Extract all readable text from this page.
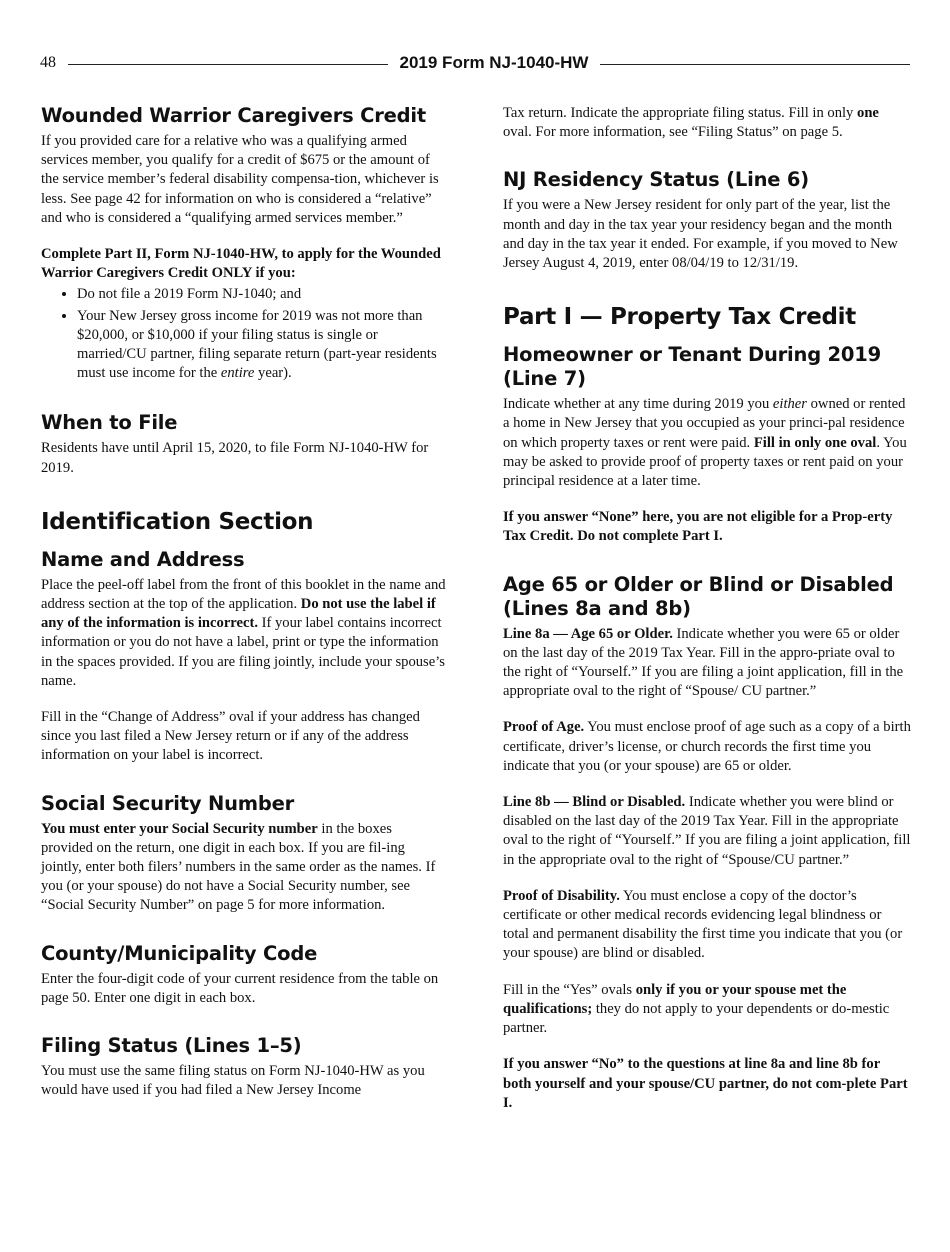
48	2019 Form NJ-1040-HW
Wounded Warrior Caregivers Credit

If you provided care for a relative who was a qualifying armed services member, you qualify for a credit of $675 or the amount of the service member’s federal disability compensa-tion, whichever is less. See page 42 for information on who is considered a “relative” and who is considered a “qualifying armed services member.”

Complete Part II, Form NJ-1040-HW, to apply for the Wounded Warrior Caregivers Credit ONLY if you:

• Do not file a 2019 Form NJ-1040; and
• Your New Jersey gross income for 2019 was not more than $20,000, or $10,000 if your filing status is single or married/CU partner, filing separate return (part-year residents must use income for the entire year).
When to File

Residents have until April 15, 2020, to file Form NJ-1040-HW for 2019.

Identification Section
Name and Address

Place the peel-off label from the front of this booklet in the name and address section at the top of the application. Do not use the label if any of the information is incorrect. If your label contains incorrect information or you do not have a label, print or type the information in the spaces provided. If you are filing jointly, include your spouse’s name.

Fill in the “Change of Address” oval if your address has changed since you last filed a New Jersey return or if any of the address information on your label is incorrect.

Social Security Number

You must enter your Social Security number in the boxes provided on the return, one digit in each box. If you are fil-ing jointly, enter both filers’ numbers in the same order as the names. If you (or your spouse) do not have a Social Security number, see “Social Security Number” on page 5 for more information.

County/Municipality Code

Enter the four-digit code of your current residence from the table on page 50. Enter one digit in each box.

Filing Status (Lines 1–5)

You must use the same filing status on Form NJ-1040-HW as you would have used if you had filed a New Jersey Income

Tax return. Indicate the appropriate filing status. Fill in only one oval. For more information, see “Filing Status” on page 5.

NJ Residency Status (Line 6)

If you were a New Jersey resident for only part of the year, list the month and day in the tax year your residency began and the month and day in the tax year it ended. For example, if you moved to New Jersey August 4, 2019, enter 08/04/19 to 12/31/19.

Part I — Property Tax Credit
Homeowner or Tenant During 2019 (Line 7)

Indicate whether at any time during 2019 you either owned or rented a home in New Jersey that you occupied as your princi-pal residence on which property taxes or rent were paid. Fill in only one oval. You may be asked to provide proof of property taxes or rent paid on your principal residence at a later time.

If you answer “None” here, you are not eligible for a Prop-erty Tax Credit. Do not complete Part I.

Age 65 or Older or Blind or Disabled (Lines 8a and 8b)

Line 8a — Age 65 or Older. Indicate whether you were 65 or older on the last day of the 2019 Tax Year. Fill in the appro-priate oval to the right of “Yourself.” If you are filing a joint application, fill in the appropriate oval to the right of “Spouse/ CU partner.”

Proof of Age. You must enclose proof of age such as a copy of a birth certificate, driver’s license, or church records the first time you indicate that you (or your spouse) are 65 or older.

Line 8b — Blind or Disabled. Indicate whether you were blind or disabled on the last day of the 2019 Tax Year. Fill in the appropriate oval to the right of “Yourself.” If you are filing a joint application, fill in the appropriate oval to the right of “Spouse/CU partner.”

Proof of Disability. You must enclose a copy of the doctor’s certificate or other medical records evidencing legal blindness or total and permanent disability the first time you indicate that you (or your spouse) are blind or disabled.

Fill in the “Yes” ovals only if you or your spouse met the qualifications; they do not apply to your dependents or do-mestic partner.

If you answer “No” to the questions at line 8a and line 8b for both yourself and your spouse/CU partner, do not com-plete Part I.
